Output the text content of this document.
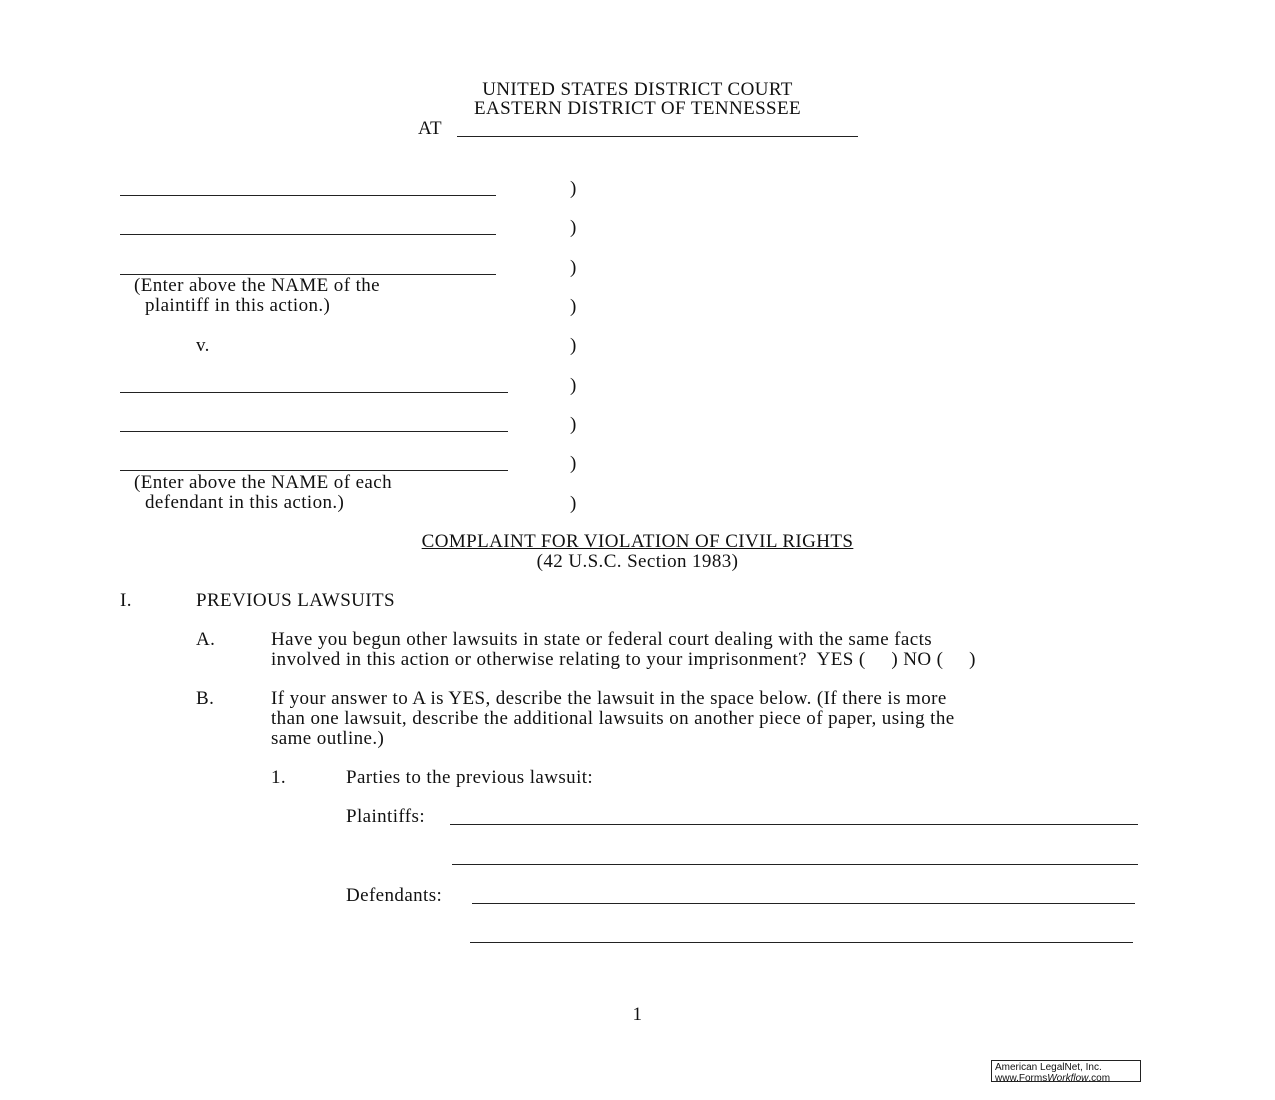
UNITED STATES DISTRICT COURT
EASTERN DISTRICT OF TENNESSEE
AT
(Enter above the NAME of the
plaintiff in this action.)
v.
(Enter above the NAME of each
defendant in this action.)
)
)
)
)
)
)
)
)
)
COMPLAINT FOR VIOLATION OF CIVIL RIGHTS
(42 U.S.C. Section 1983)
I.	PREVIOUS LAWSUITS
A.	Have you begun other lawsuits in state or federal court dealing with the same facts
involved in this action or otherwise relating to your imprisonment?  YES (     ) NO (     )
B.	If your answer to A is YES, describe the lawsuit in the space below. (If there is more
than one lawsuit, describe the additional lawsuits on another piece of paper, using the
same outline.)
1.	Parties to the previous lawsuit:
Plaintiffs:
Defendants:
1
American LegalNet, Inc.
www.FormsWorkflow.com
